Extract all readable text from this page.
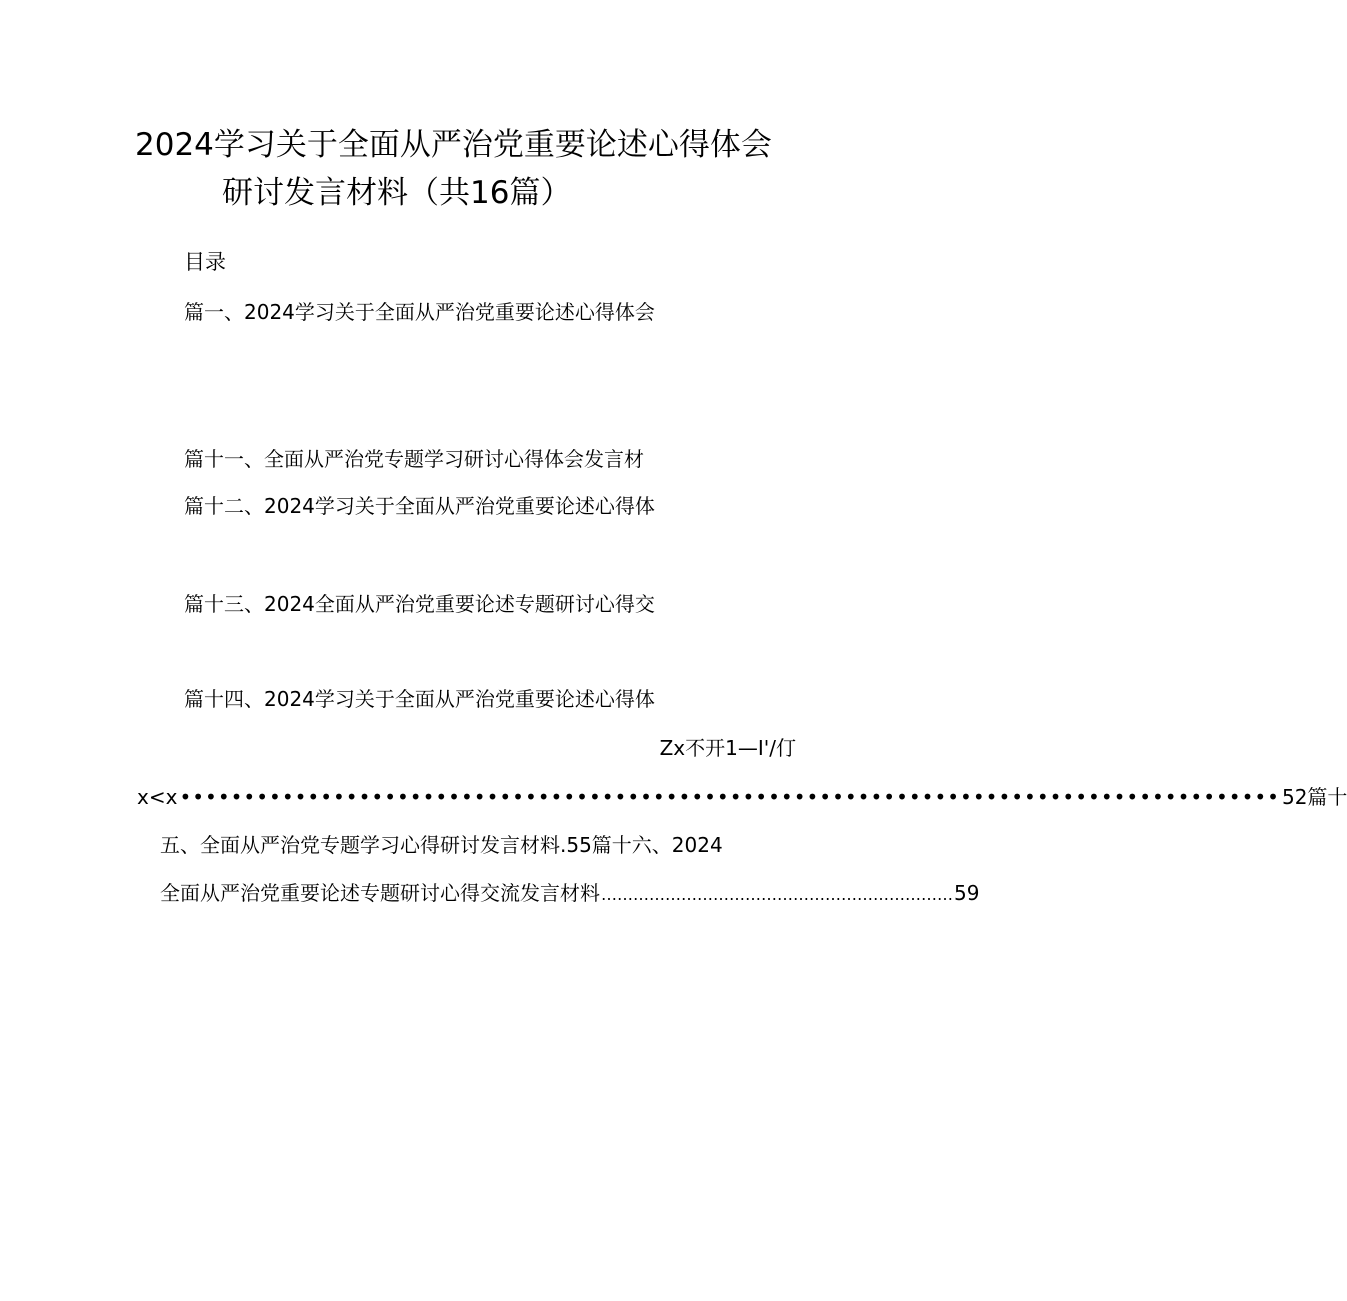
2024学习关于全面从严治党重要论述心得体会
研讨发言材料（共16篇）
目录
篇一、2024学习关于全面从严治党重要论述心得体会
篇十一、全面从严治党专题学习研讨心得体会发言材
篇十二、2024学习关于全面从严治党重要论述心得体
篇十三、2024全面从严治党重要论述专题研讨心得交
篇十四、2024学习关于全面从严治党重要论述心得体
Zx不开1—I'/仃
x<x •••••••••••••••••••••••••••••••••••••••••••••••••••••••••••••••••••••••••••••••••••••• 52篇十
五、全面从严治党专题学习心得研讨发言材料.55篇十六、2024
全面从严治党重要论述专题研讨心得交流发言材料 ………………………………………………………… 59
